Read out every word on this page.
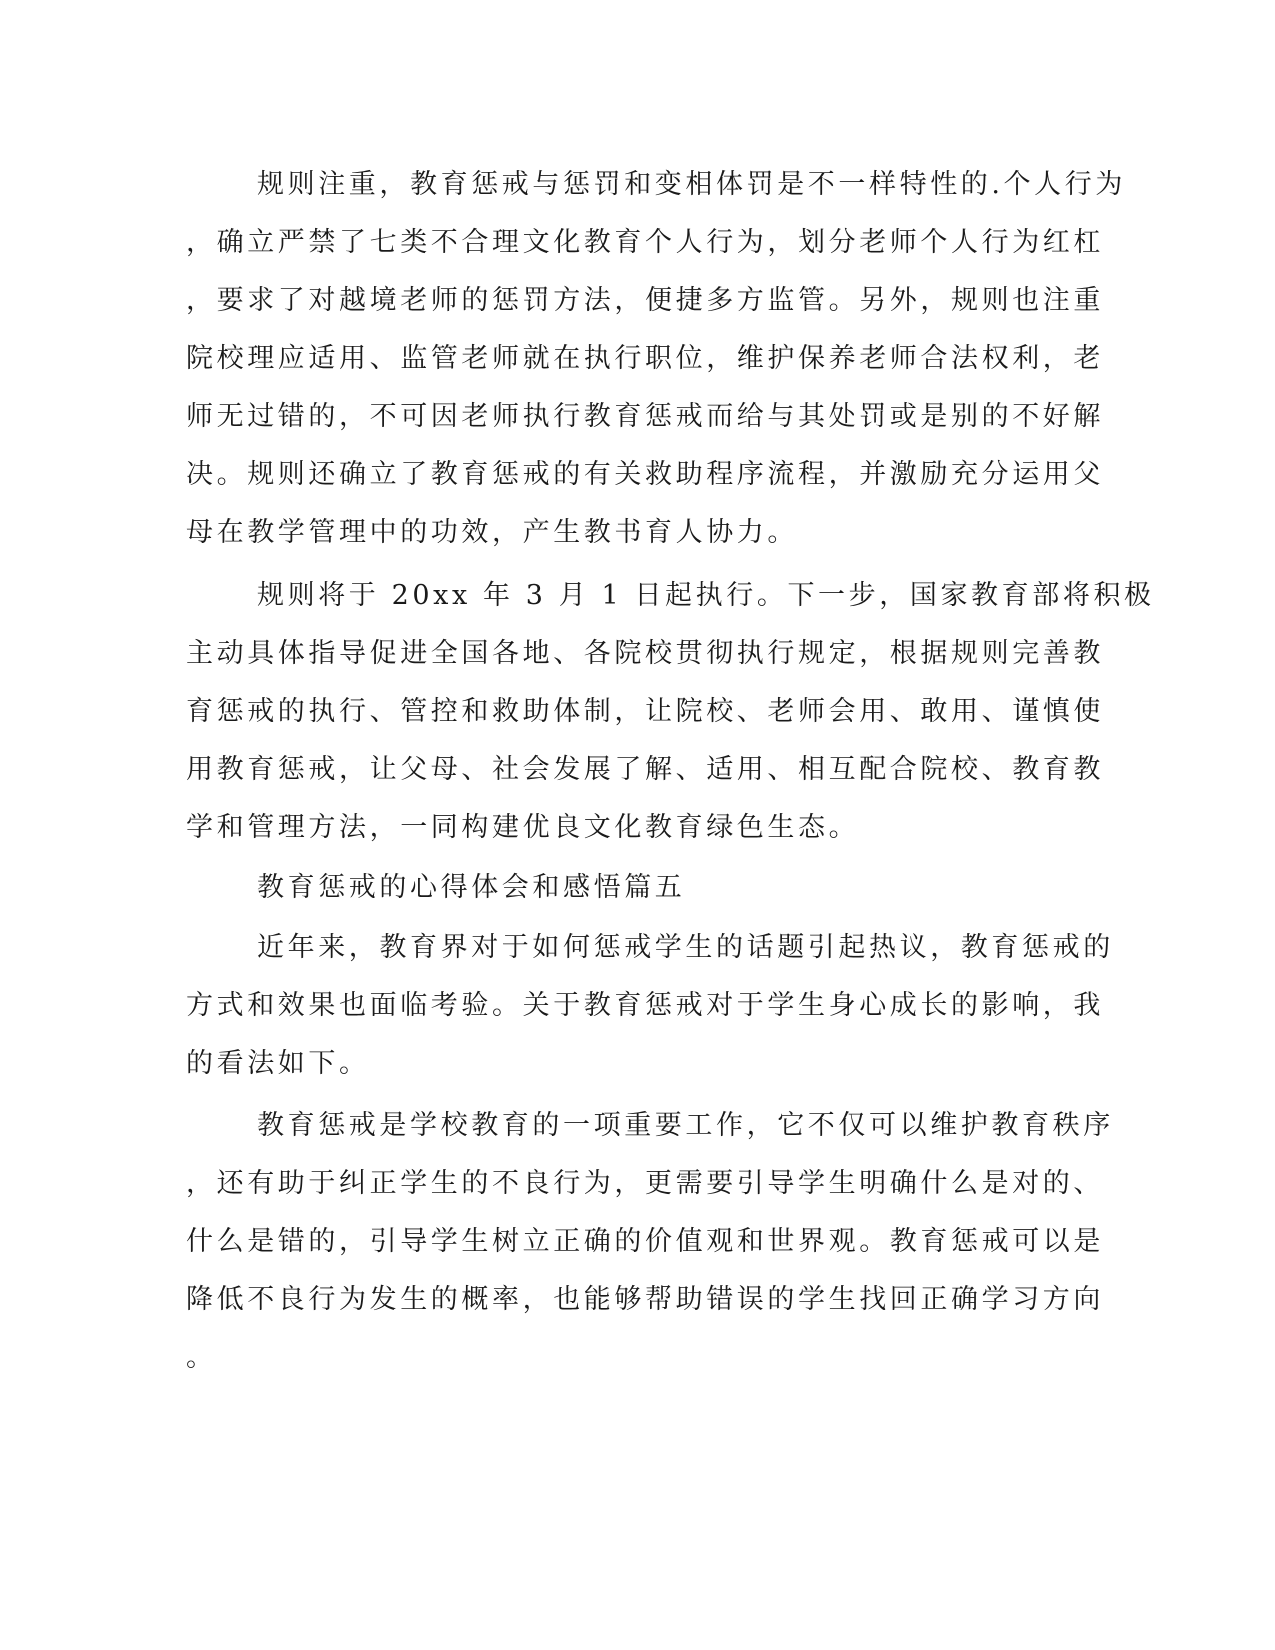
规则注重，教育惩戒与惩罚和变相体罚是不一样特性的.个人行为

，确立严禁了七类不合理文化教育个人行为，划分老师个人行为红杠

，要求了对越境老师的惩罚方法，便捷多方监管。另外，规则也注重

院校理应适用、监管老师就在执行职位，维护保养老师合法权利，老

师无过错的，不可因老师执行教育惩戒而给与其处罚或是别的不好解

决。规则还确立了教育惩戒的有关救助程序流程，并激励充分运用父

母在教学管理中的功效，产生教书育人协力。

规则将于 20xx 年 3 月 1 日起执行。下一步，国家教育部将积极

主动具体指导促进全国各地、各院校贯彻执行规定，根据规则完善教

育惩戒的执行、管控和救助体制，让院校、老师会用、敢用、谨慎使

用教育惩戒，让父母、社会发展了解、适用、相互配合院校、教育教

学和管理方法，一同构建优良文化教育绿色生态。

教育惩戒的心得体会和感悟篇五

近年来，教育界对于如何惩戒学生的话题引起热议，教育惩戒的

方式和效果也面临考验。关于教育惩戒对于学生身心成长的影响，我

的看法如下。

教育惩戒是学校教育的一项重要工作，它不仅可以维护教育秩序

，还有助于纠正学生的不良行为，更需要引导学生明确什么是对的、

什么是错的，引导学生树立正确的价值观和世界观。教育惩戒可以是

降低不良行为发生的概率，也能够帮助错误的学生找回正确学习方向

。
